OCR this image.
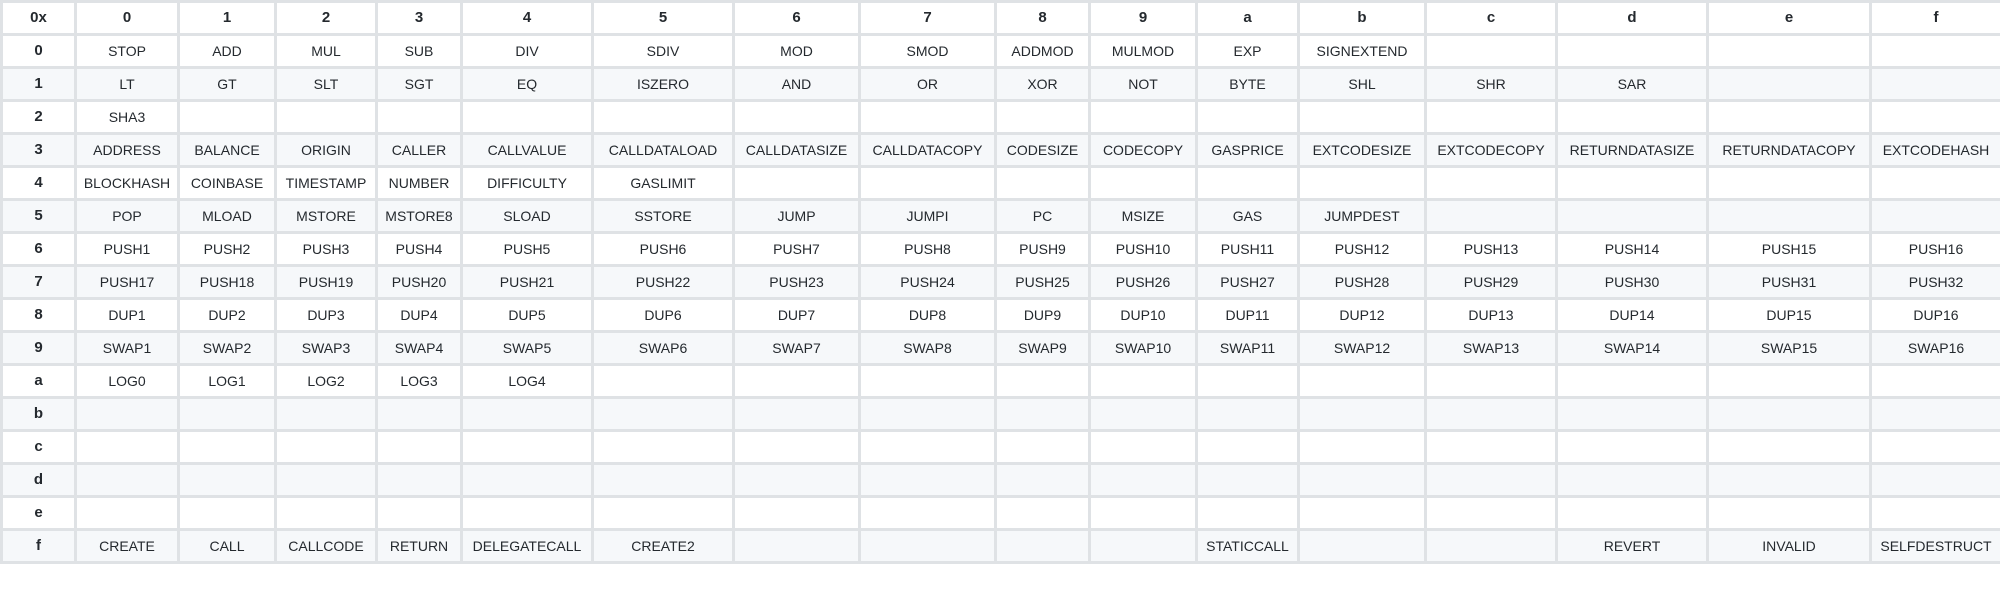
0x	0	1	2	3	4	5	6	7	8	9	a	b	c	d	e	f
0	STOP	ADD	MUL	SUB	DIV	SDIV	MOD	SMOD	ADDMOD	MULMOD	EXP	SIGNEXTEND				
1	LT	GT	SLT	SGT	EQ	ISZERO	AND	OR	XOR	NOT	BYTE	SHL	SHR	SAR		
2	SHA3															
3	ADDRESS	BALANCE	ORIGIN	CALLER	CALLVALUE	CALLDATALOAD	CALLDATASIZE	CALLDATACOPY	CODESIZE	CODECOPY	GASPRICE	EXTCODESIZE	EXTCODECOPY	RETURNDATASIZE	RETURNDATACOPY	EXTCODEHASH
4	BLOCKHASH	COINBASE	TIMESTAMP	NUMBER	DIFFICULTY	GASLIMIT										
5	POP	MLOAD	MSTORE	MSTORE8	SLOAD	SSTORE	JUMP	JUMPI	PC	MSIZE	GAS	JUMPDEST				
6	PUSH1	PUSH2	PUSH3	PUSH4	PUSH5	PUSH6	PUSH7	PUSH8	PUSH9	PUSH10	PUSH11	PUSH12	PUSH13	PUSH14	PUSH15	PUSH16
7	PUSH17	PUSH18	PUSH19	PUSH20	PUSH21	PUSH22	PUSH23	PUSH24	PUSH25	PUSH26	PUSH27	PUSH28	PUSH29	PUSH30	PUSH31	PUSH32
8	DUP1	DUP2	DUP3	DUP4	DUP5	DUP6	DUP7	DUP8	DUP9	DUP10	DUP11	DUP12	DUP13	DUP14	DUP15	DUP16
9	SWAP1	SWAP2	SWAP3	SWAP4	SWAP5	SWAP6	SWAP7	SWAP8	SWAP9	SWAP10	SWAP11	SWAP12	SWAP13	SWAP14	SWAP15	SWAP16
a	LOG0	LOG1	LOG2	LOG3	LOG4											
b																
c																
d																
e																
f	CREATE	CALL	CALLCODE	RETURN	DELEGATECALL	CREATE2					STATICCALL			REVERT	INVALID	SELFDESTRUCT
